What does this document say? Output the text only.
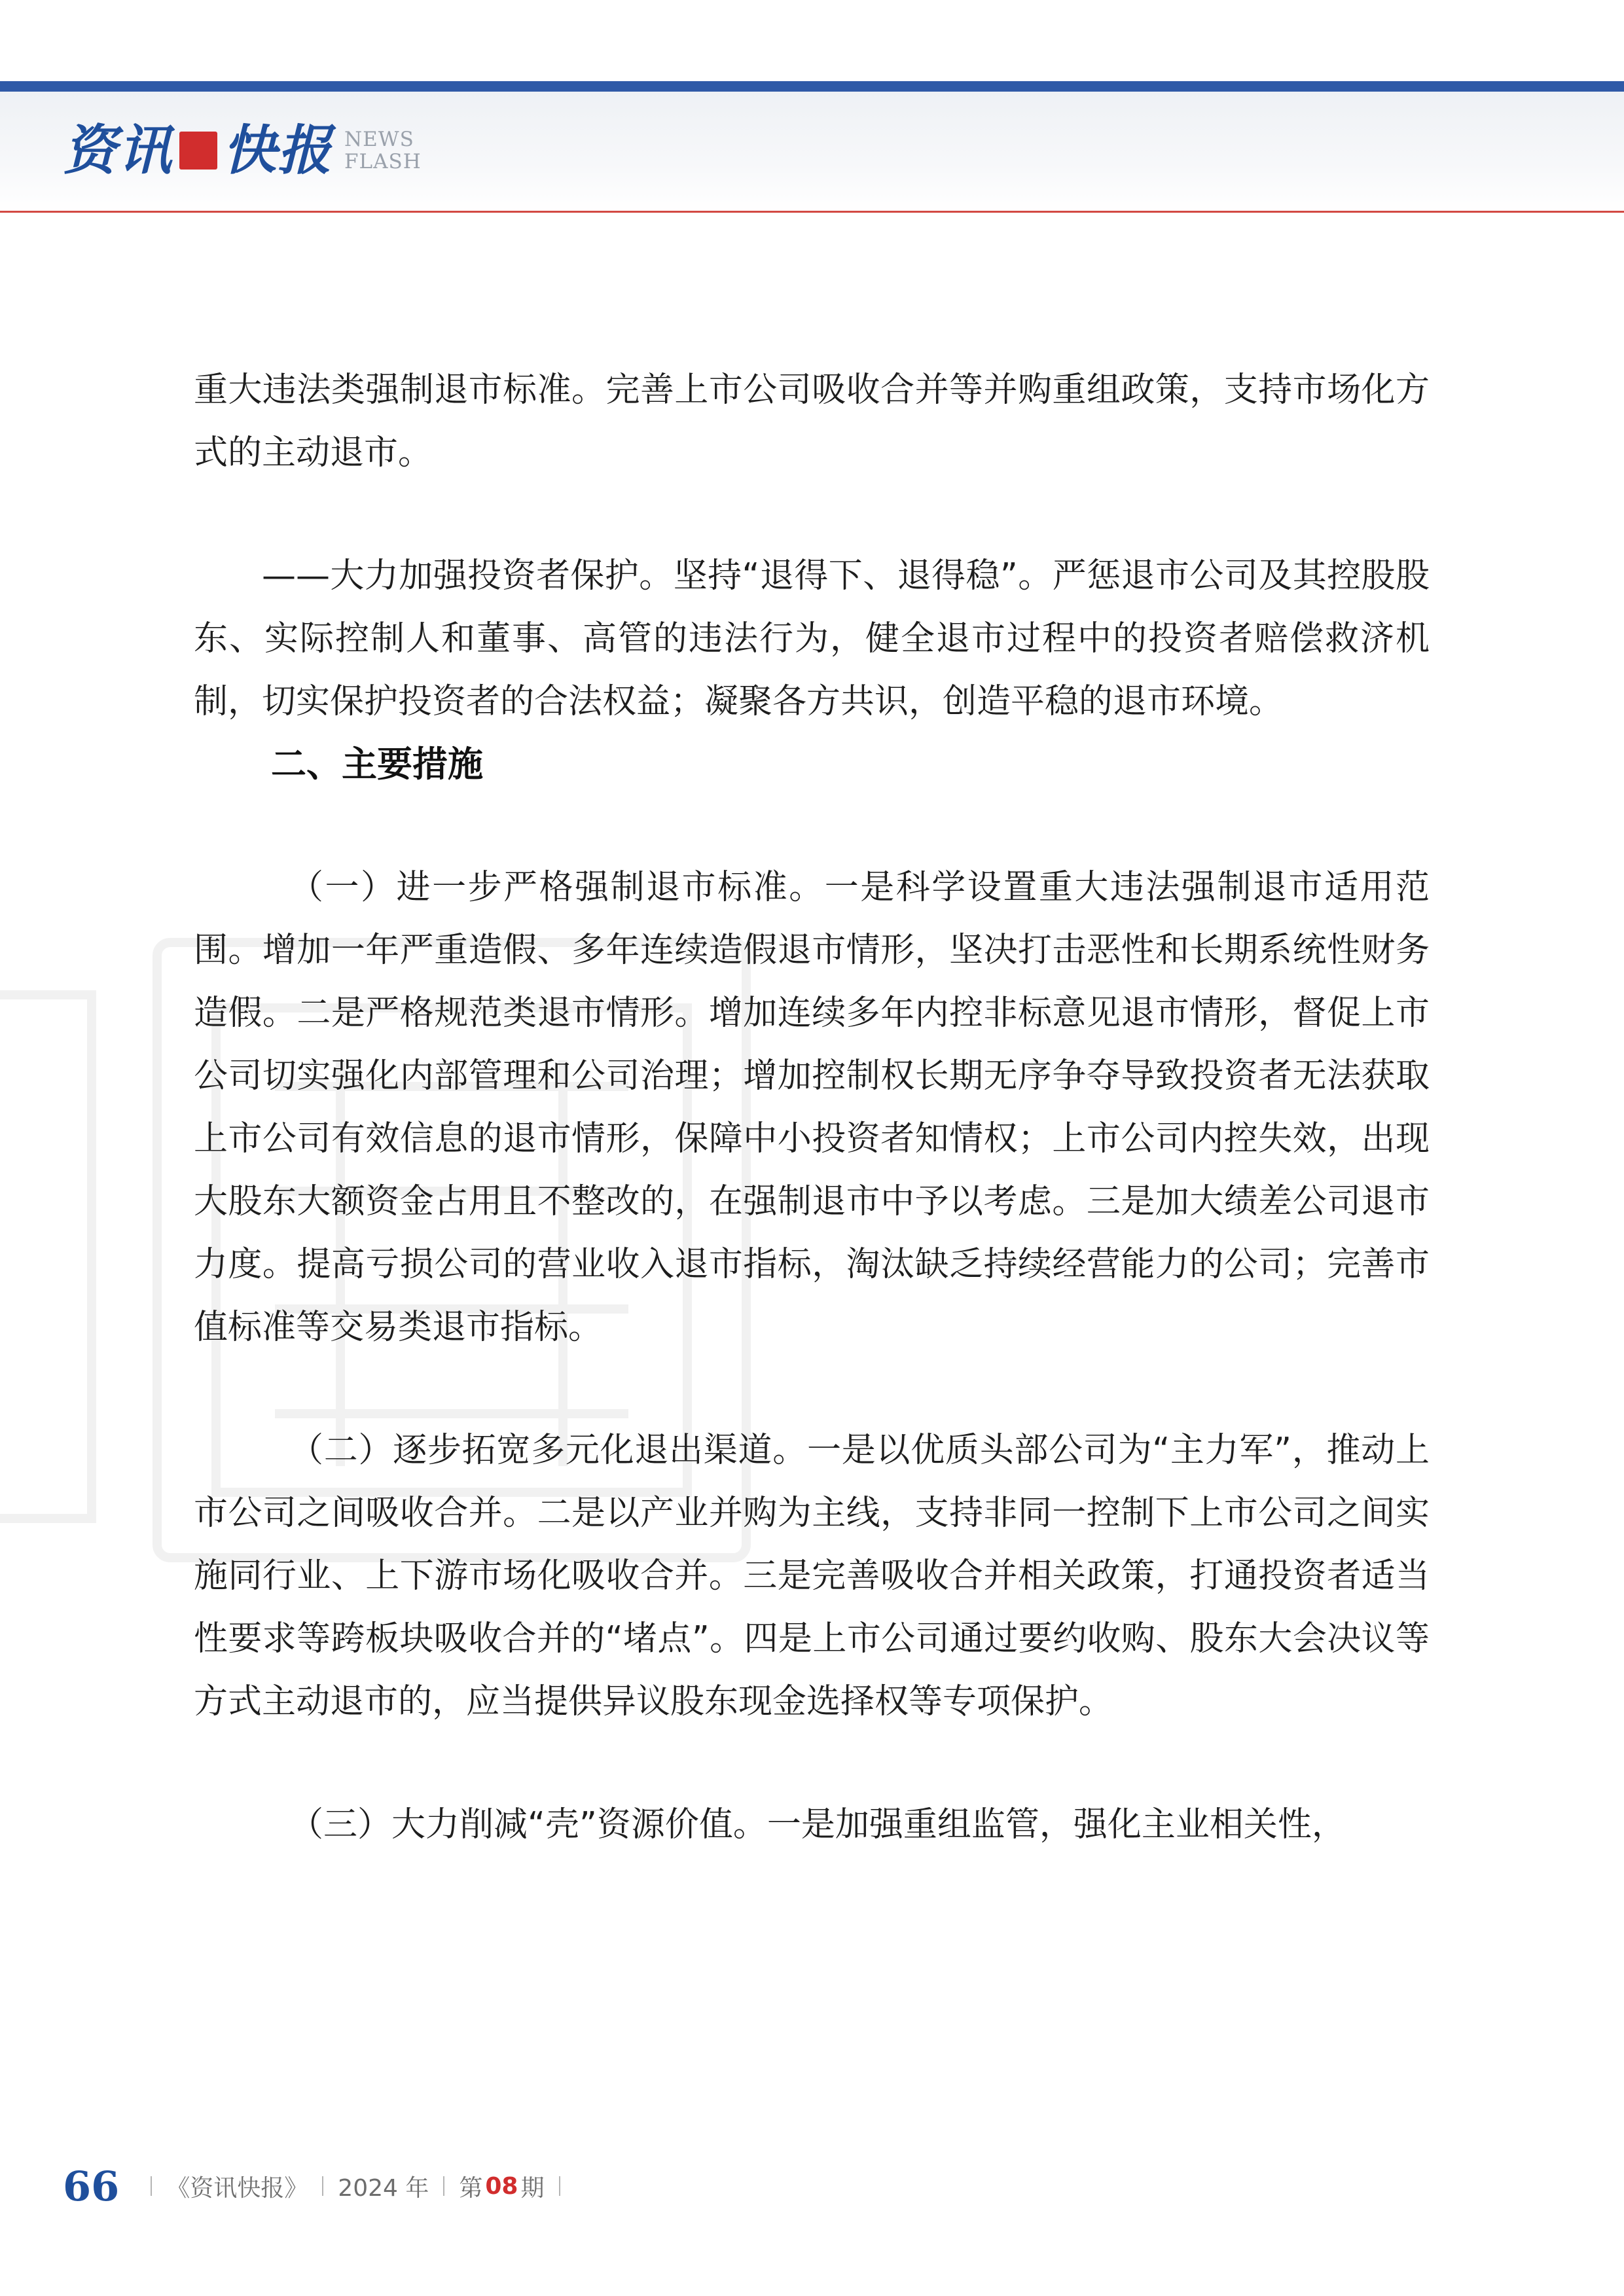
资讯 快报 NEWS
FLASH

重大违法类强制退市标准。完善上市公司吸收合并等并购重组政策，支持市场化方式的主动退市。

——大力加强投资者保护。坚持“退得下、退得稳”。严惩退市公司及其控股股东、实际控制人和董事、高管的违法行为，健全退市过程中的投资者赔偿救济机制，切实保护投资者的合法权益；凝聚各方共识，创造平稳的退市环境。

二、主要措施

（一）进一步严格强制退市标准。一是科学设置重大违法强制退市适用范围。增加一年严重造假、多年连续造假退市情形，坚决打击恶性和长期系统性财务造假。二是严格规范类退市情形。增加连续多年内控非标意见退市情形，督促上市公司切实强化内部管理和公司治理；增加控制权长期无序争夺导致投资者无法获取上市公司有效信息的退市情形，保障中小投资者知情权；上市公司内控失效，出现大股东大额资金占用且不整改的，在强制退市中予以考虑。三是加大绩差公司退市力度。提高亏损公司的营业收入退市指标，淘汰缺乏持续经营能力的公司；完善市值标准等交易类退市指标。

（二）逐步拓宽多元化退出渠道。一是以优质头部公司为“主力军”，推动上市公司之间吸收合并。二是以产业并购为主线，支持非同一控制下上市公司之间实施同行业、上下游市场化吸收合并。三是完善吸收合并相关政策，打通投资者适当性要求等跨板块吸收合并的“堵点”。四是上市公司通过要约收购、股东大会决议等方式主动退市的，应当提供异议股东现金选择权等专项保护。

（三）大力削减“壳”资源价值。一是加强重组监管，强化主业相关性，

66 《资讯快报》 2024 年 第 08 期
